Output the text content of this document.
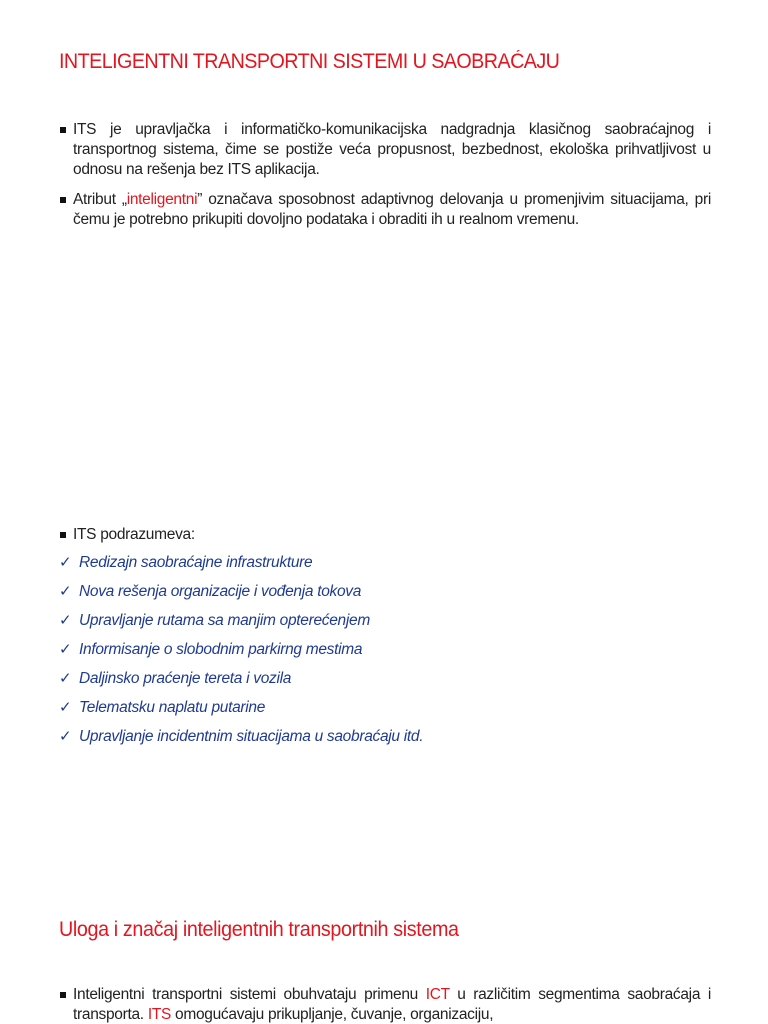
INTELIGENTNI TRANSPORTNI SISTEMI U SAOBRAĆAJU
ITS je upravljačka i informatičko-komunikacijska nadgradnja klasičnog saobraćajnog i transportnog sistema, čime se postiže veća propusnost, bezbednost, ekološka prihvatljivost u odnosu na rešenja bez ITS aplikacija.
Atribut „inteligentni” označava sposobnost adaptivnog delovanja u promenjivim situacijama, pri čemu je potrebno prikupiti dovoljno podataka i obraditi ih u realnom vremenu.
ITS podrazumeva:
✓ Redizajn saobraćajne infrastrukture
✓ Nova rešenja organizacije i vođenja tokova
✓ Upravljanje rutama sa manjim opterećenjem
✓ Informisanje o slobodnim parkirng mestima
✓ Daljinsko praćenje tereta i vozila
✓ Telematsku naplatu putarine
✓ Upravljanje incidentnim situacijama u saobraćaju itd.
Uloga i značaj inteligentnih transportnih sistema
Inteligentni transportni sistemi obuhvataju primenu ICT u različitim segmentima saobraćaja i transporta. ITS omogućavaju prikupljanje, čuvanje, organizaciju,
